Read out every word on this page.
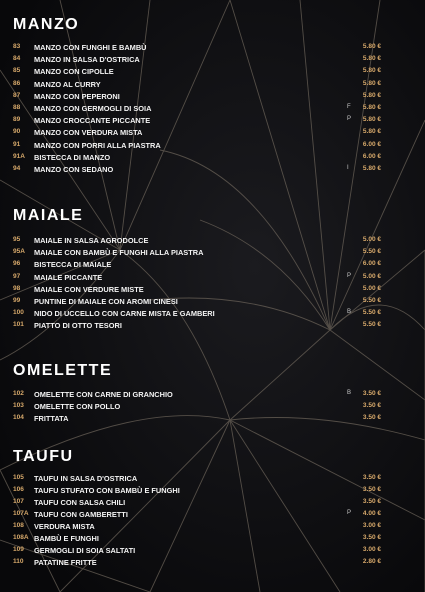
MANZO
83 MANZO CON FUNGHI E BAMBÙ	5.80 €
84 MANZO IN SALSA D'OSTRICA	5.80 €
85 MANZO CON CIPOLLE	5.80 €
86 MANZO AL CURRY	5.80 €
87 MANZO CON PEPERONI	5.80 €
88 MANZO CON GERMOGLI DI SOIA	F 5.80 €
89 MANZO CROCCANTE PICCANTE	P 5.80 €
90 MANZO CON VERDURA MISTA	5.80 €
91 MANZO CON PORRI ALLA PIASTRA	6.00 €
91A BISTECCA DI MANZO	6.00 €
94 MANZO CON SEDANO	I 5.80 €
MAIALE
95 MAIALE IN SALSA AGRODOLCE	5.00 €
95A MAIALE CON BAMBÙ E FUNGHI ALLA PIASTRA	5.50 €
96 BISTECCA DI MAIALE	6.00 €
97 MAIALE PICCANTE	P 5.00 €
98 MAIALE CON VERDURE MISTE	5.00 €
99 PUNTINE DI MAIALE CON AROMI CINESI	5.50 €
100 NIDO DI UCCELLO CON CARNE MISTA E GAMBERI	B 5.50 €
101 PIATTO DI OTTO TESORI	5.50 €
OMELETTE
102 OMELETTE CON CARNE DI GRANCHIO	B 3.50 €
103 OMELETTE CON POLLO	3.50 €
104 FRITTATA	3.50 €
TAUFU
105 TAUFU IN SALSA D'OSTRICA	3.50 €
106 TAUFU STUFATO CON BAMBÙ E FUNGHI	3.50 €
107 TAUFU CON SALSA CHILI	3.50 €
107A TAUFU CON GAMBERETTI	P 4.00 €
108 VERDURA MISTA	3.00 €
108A BAMBÙ E FUNGHI	3.50 €
109 GERMOGLI DI SOIA SALTATI	3.00 €
110 PATATINE FRITTE	2.80 €
